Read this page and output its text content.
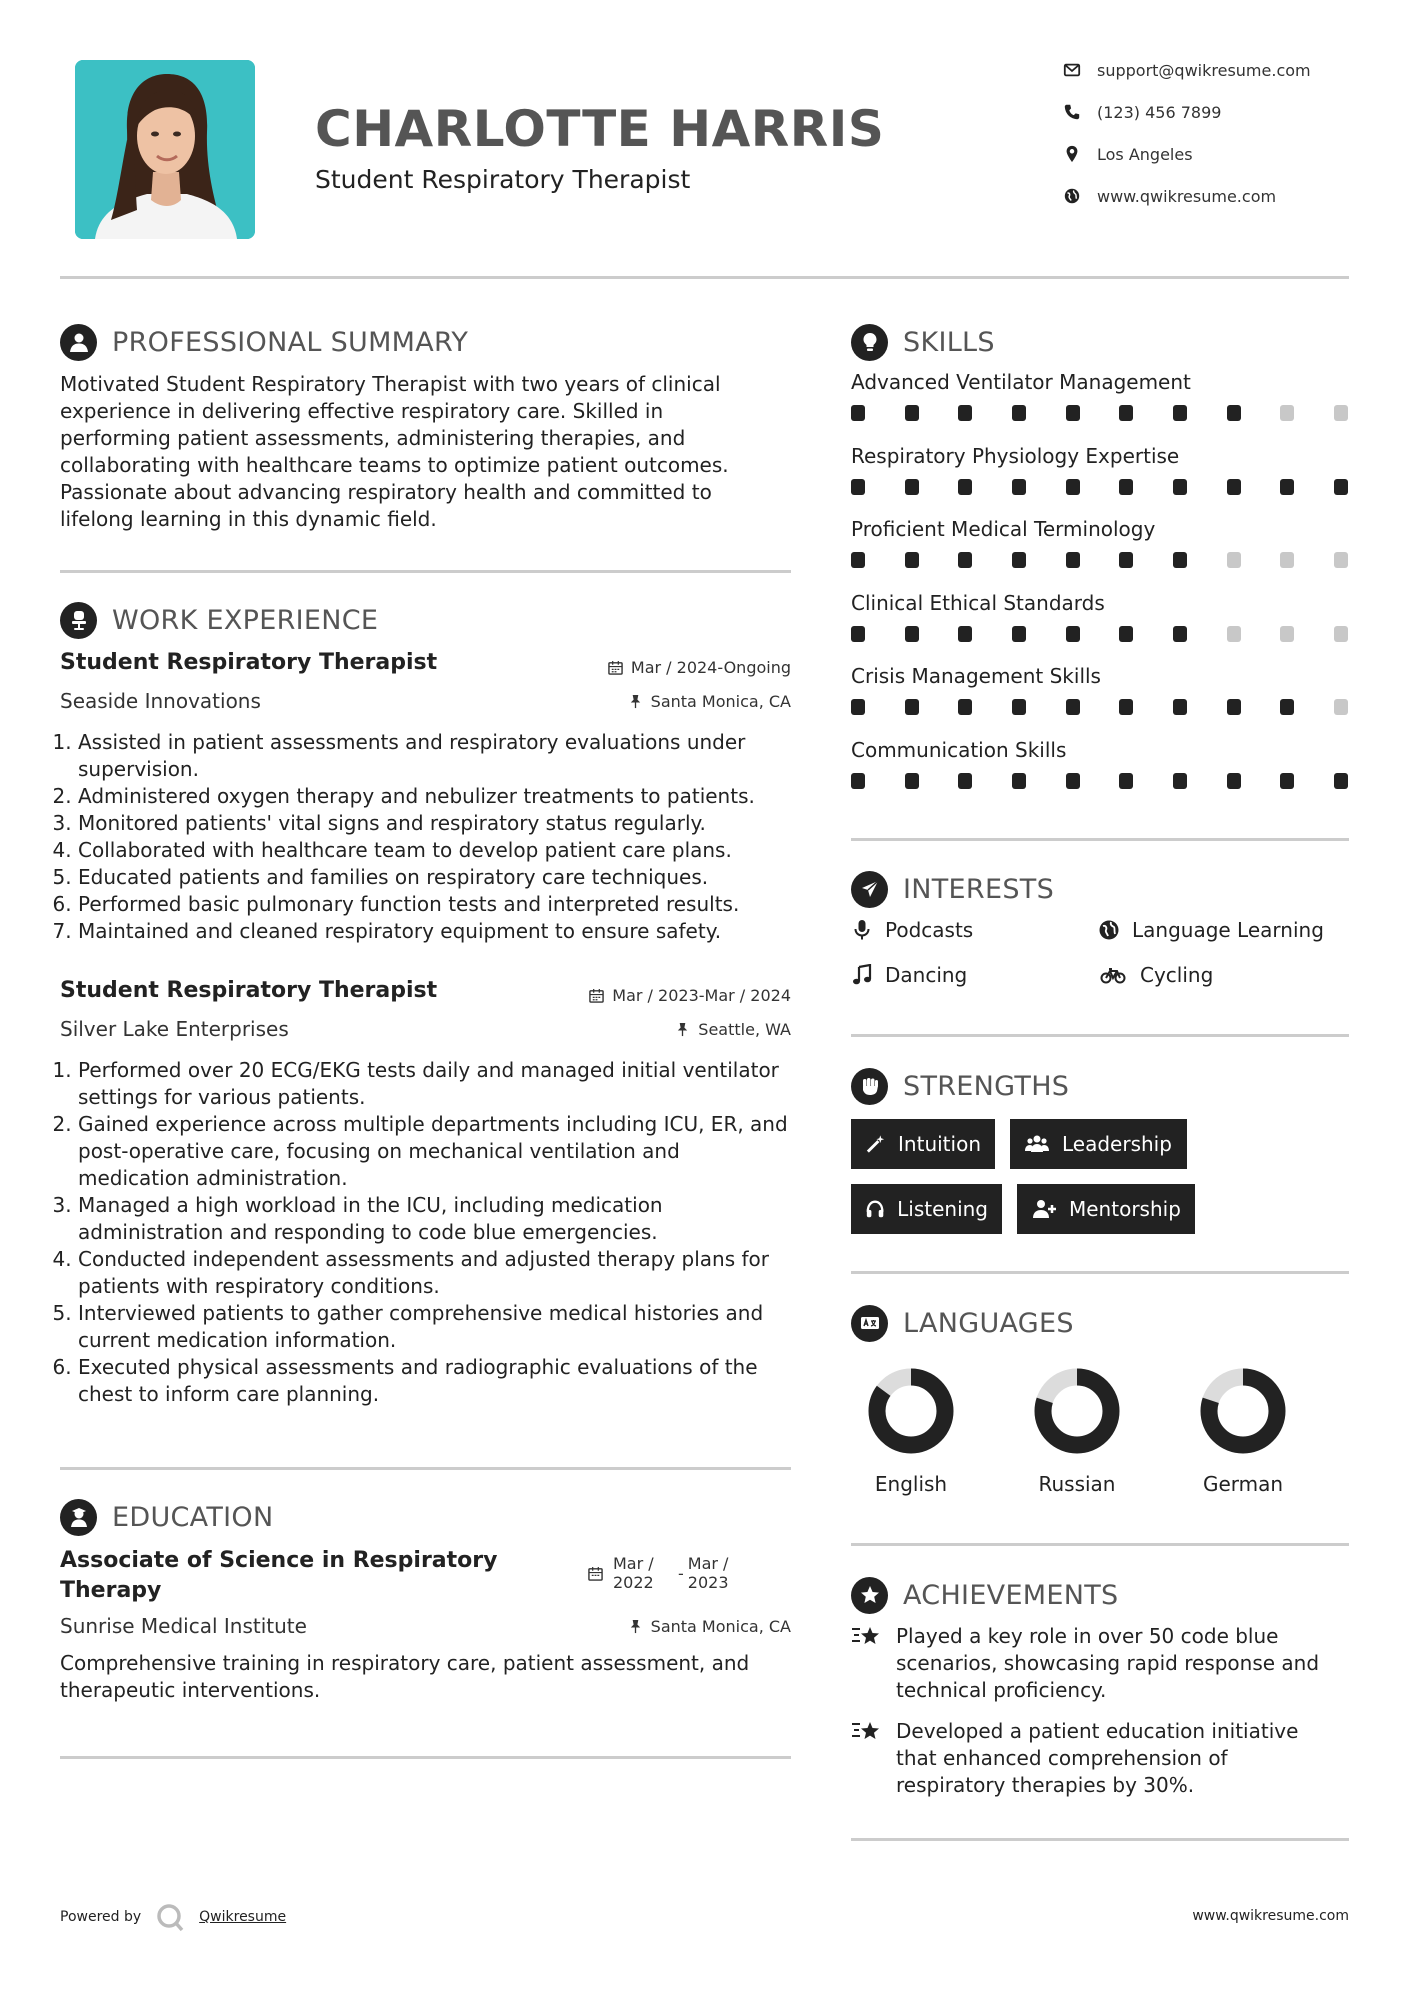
CHARLOTTE HARRIS
Student Respiratory Therapist
support@qwikresume.com
(123) 456 7899
Los Angeles
www.qwikresume.com
PROFESSIONAL SUMMARY
Motivated Student Respiratory Therapist with two years of clinical
experience in delivering effective respiratory care. Skilled in
performing patient assessments, administering therapies, and
collaborating with healthcare teams to optimize patient outcomes.
Passionate about advancing respiratory health and committed to
lifelong learning in this dynamic field.
WORK EXPERIENCE
Student Respiratory Therapist	Mar / 2024-Ongoing
Seaside Innovations	Santa Monica, CA
1. Assisted in patient assessments and respiratory evaluations under supervision.
2. Administered oxygen therapy and nebulizer treatments to patients.
3. Monitored patients' vital signs and respiratory status regularly.
4. Collaborated with healthcare team to develop patient care plans.
5. Educated patients and families on respiratory care techniques.
6. Performed basic pulmonary function tests and interpreted results.
7. Maintained and cleaned respiratory equipment to ensure safety.
Student Respiratory Therapist	Mar / 2023-Mar / 2024
Silver Lake Enterprises	Seattle, WA
1. Performed over 20 ECG/EKG tests daily and managed initial ventilator settings for various patients.
2. Gained experience across multiple departments including ICU, ER, and post-operative care, focusing on mechanical ventilation and medication administration.
3. Managed a high workload in the ICU, including medication administration and responding to code blue emergencies.
4. Conducted independent assessments and adjusted therapy plans for patients with respiratory conditions.
5. Interviewed patients to gather comprehensive medical histories and current medication information.
6. Executed physical assessments and radiographic evaluations of the chest to inform care planning.
EDUCATION
Associate of Science in Respiratory
Therapy
Mar /
2022	- Mar /
2023
Sunrise Medical Institute	Santa Monica, CA
Comprehensive training in respiratory care, patient assessment, and therapeutic interventions.
SKILLS
Advanced Ventilator Management
Respiratory Physiology Expertise
Proficient Medical Terminology
Clinical Ethical Standards
Crisis Management Skills
Communication Skills
INTERESTS
Podcasts	Language Learning
Dancing	Cycling
STRENGTHS
Intuition	Leadership
Listening	Mentorship
LANGUAGES
English	Russian	German
ACHIEVEMENTS
Played a key role in over 50 code blue
scenarios, showcasing rapid response and
technical proficiency.
Developed a patient education initiative
that enhanced comprehension of
respiratory therapies by 30%.
Powered by	Qwikresume	www.qwikresume.com
